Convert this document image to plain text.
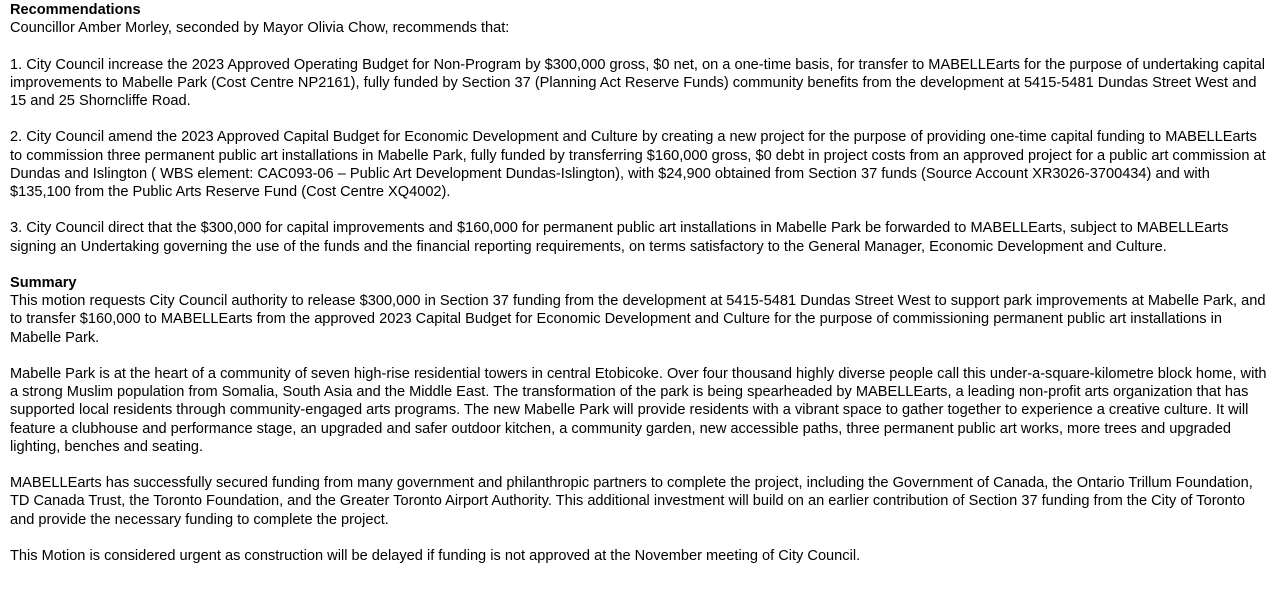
Recommendations

Councillor Amber Morley, seconded by Mayor Olivia Chow, recommends that:

1. City Council increase the 2023 Approved Operating Budget for Non-Program by $300,000 gross, $0 net, on a one-time basis, for transfer to MABELLEarts for the purpose of undertaking capital improvements to Mabelle Park (Cost Centre NP2161), fully funded by Section 37 (Planning Act Reserve Funds) community benefits from the development at 5415-5481 Dundas Street West and 15 and 25 Shorncliffe Road.

2. City Council amend the 2023 Approved Capital Budget for Economic Development and Culture by creating a new project for the purpose of providing one-time capital funding to MABELLEarts to commission three permanent public art installations in Mabelle Park, fully funded by transferring $160,000 gross, $0 debt in project costs from an approved project for a public art commission at Dundas and Islington ( WBS element: CAC093-06 – Public Art Development Dundas-Islington), with $24,900 obtained from Section 37 funds (Source Account XR3026-3700434) and with $135,100 from the Public Arts Reserve Fund (Cost Centre XQ4002).

3. City Council direct that the $300,000 for capital improvements and $160,000 for permanent public art installations in Mabelle Park be forwarded to MABELLEarts, subject to MABELLEarts signing an Undertaking governing the use of the funds and the financial reporting requirements, on terms satisfactory to the General Manager, Economic Development and Culture.

Summary

This motion requests City Council authority to release $300,000 in Section 37 funding from the development at 5415-5481 Dundas Street West to support park improvements at Mabelle Park, and to transfer $160,000 to MABELLEarts from the approved 2023 Capital Budget for Economic Development and Culture for the purpose of commissioning permanent public art installations in Mabelle Park.

Mabelle Park is at the heart of a community of seven high-rise residential towers in central Etobicoke. Over four thousand highly diverse people call this under-a-square-kilometre block home, with a strong Muslim population from Somalia, South Asia and the Middle East. The transformation of the park is being spearheaded by MABELLEarts, a leading non-profit arts organization that has supported local residents through community-engaged arts programs. The new Mabelle Park will provide residents with a vibrant space to gather together to experience a creative culture. It will feature a clubhouse and performance stage, an upgraded and safer outdoor kitchen, a community garden, new accessible paths, three permanent public art works, more trees and upgraded lighting, benches and seating.

MABELLEarts has successfully secured funding from many government and philanthropic partners to complete the project, including the Government of Canada, the Ontario Trillum Foundation, TD Canada Trust, the Toronto Foundation, and the Greater Toronto Airport Authority. This additional investment will build on an earlier contribution of Section 37 funding from the City of Toronto and provide the necessary funding to complete the project.

This Motion is considered urgent as construction will be delayed if funding is not approved at the November meeting of City Council.
